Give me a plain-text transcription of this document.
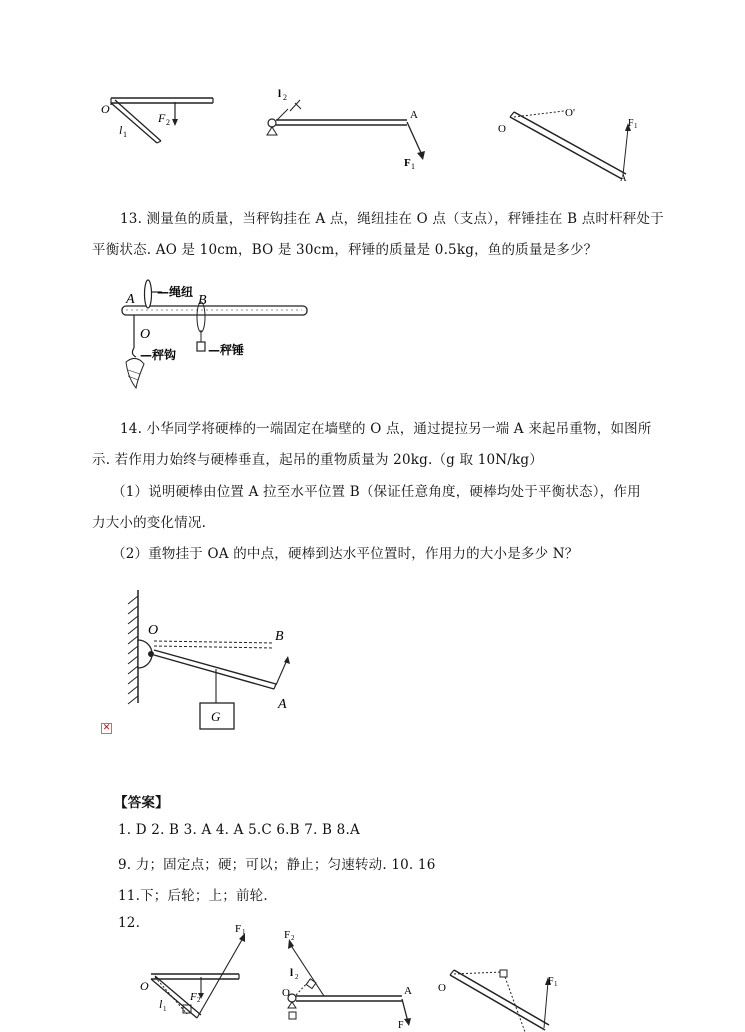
O
F 2
l 1
l 2
A
F 1
O
O'
F 1
A
13. 测量鱼的质量，当秤钩挂在 A 点，绳纽挂在 O 点（支点），秤锤挂在 B 点时杆秤处于
平衡状态. AO 是 10cm，BO 是 30cm，秤锤的质量是 0.5kg，鱼的质量是多少？
A	B
O
—绳纽
—秤钩	—秤锤
14. 小华同学将硬棒的一端固定在墙壁的 O 点，通过提拉另一端 A 来起吊重物，如图所
示. 若作用力始终与硬棒垂直，起吊的重物质量为 20kg.（g 取 10N/kg）
（1）说明硬棒由位置 A 拉至水平位置 B（保证任意角度，硬棒均处于平衡状态），作用
力大小的变化情况.
（2）重物挂于 OA 的中点，硬棒到达水平位置时，作用力的大小是多少 N？
O	B
A
G
✕
【答案】
1. D 2. B 3. A 4. A 5.C 6.B 7. B 8.A
9. 力；固定点；硬；可以；静止；匀速转动. 10. 16
11.下；后轮；上；前轮.
12.
O
F 1
F 2
l 1
F 2
l 2
O	A
F
O
F 1
